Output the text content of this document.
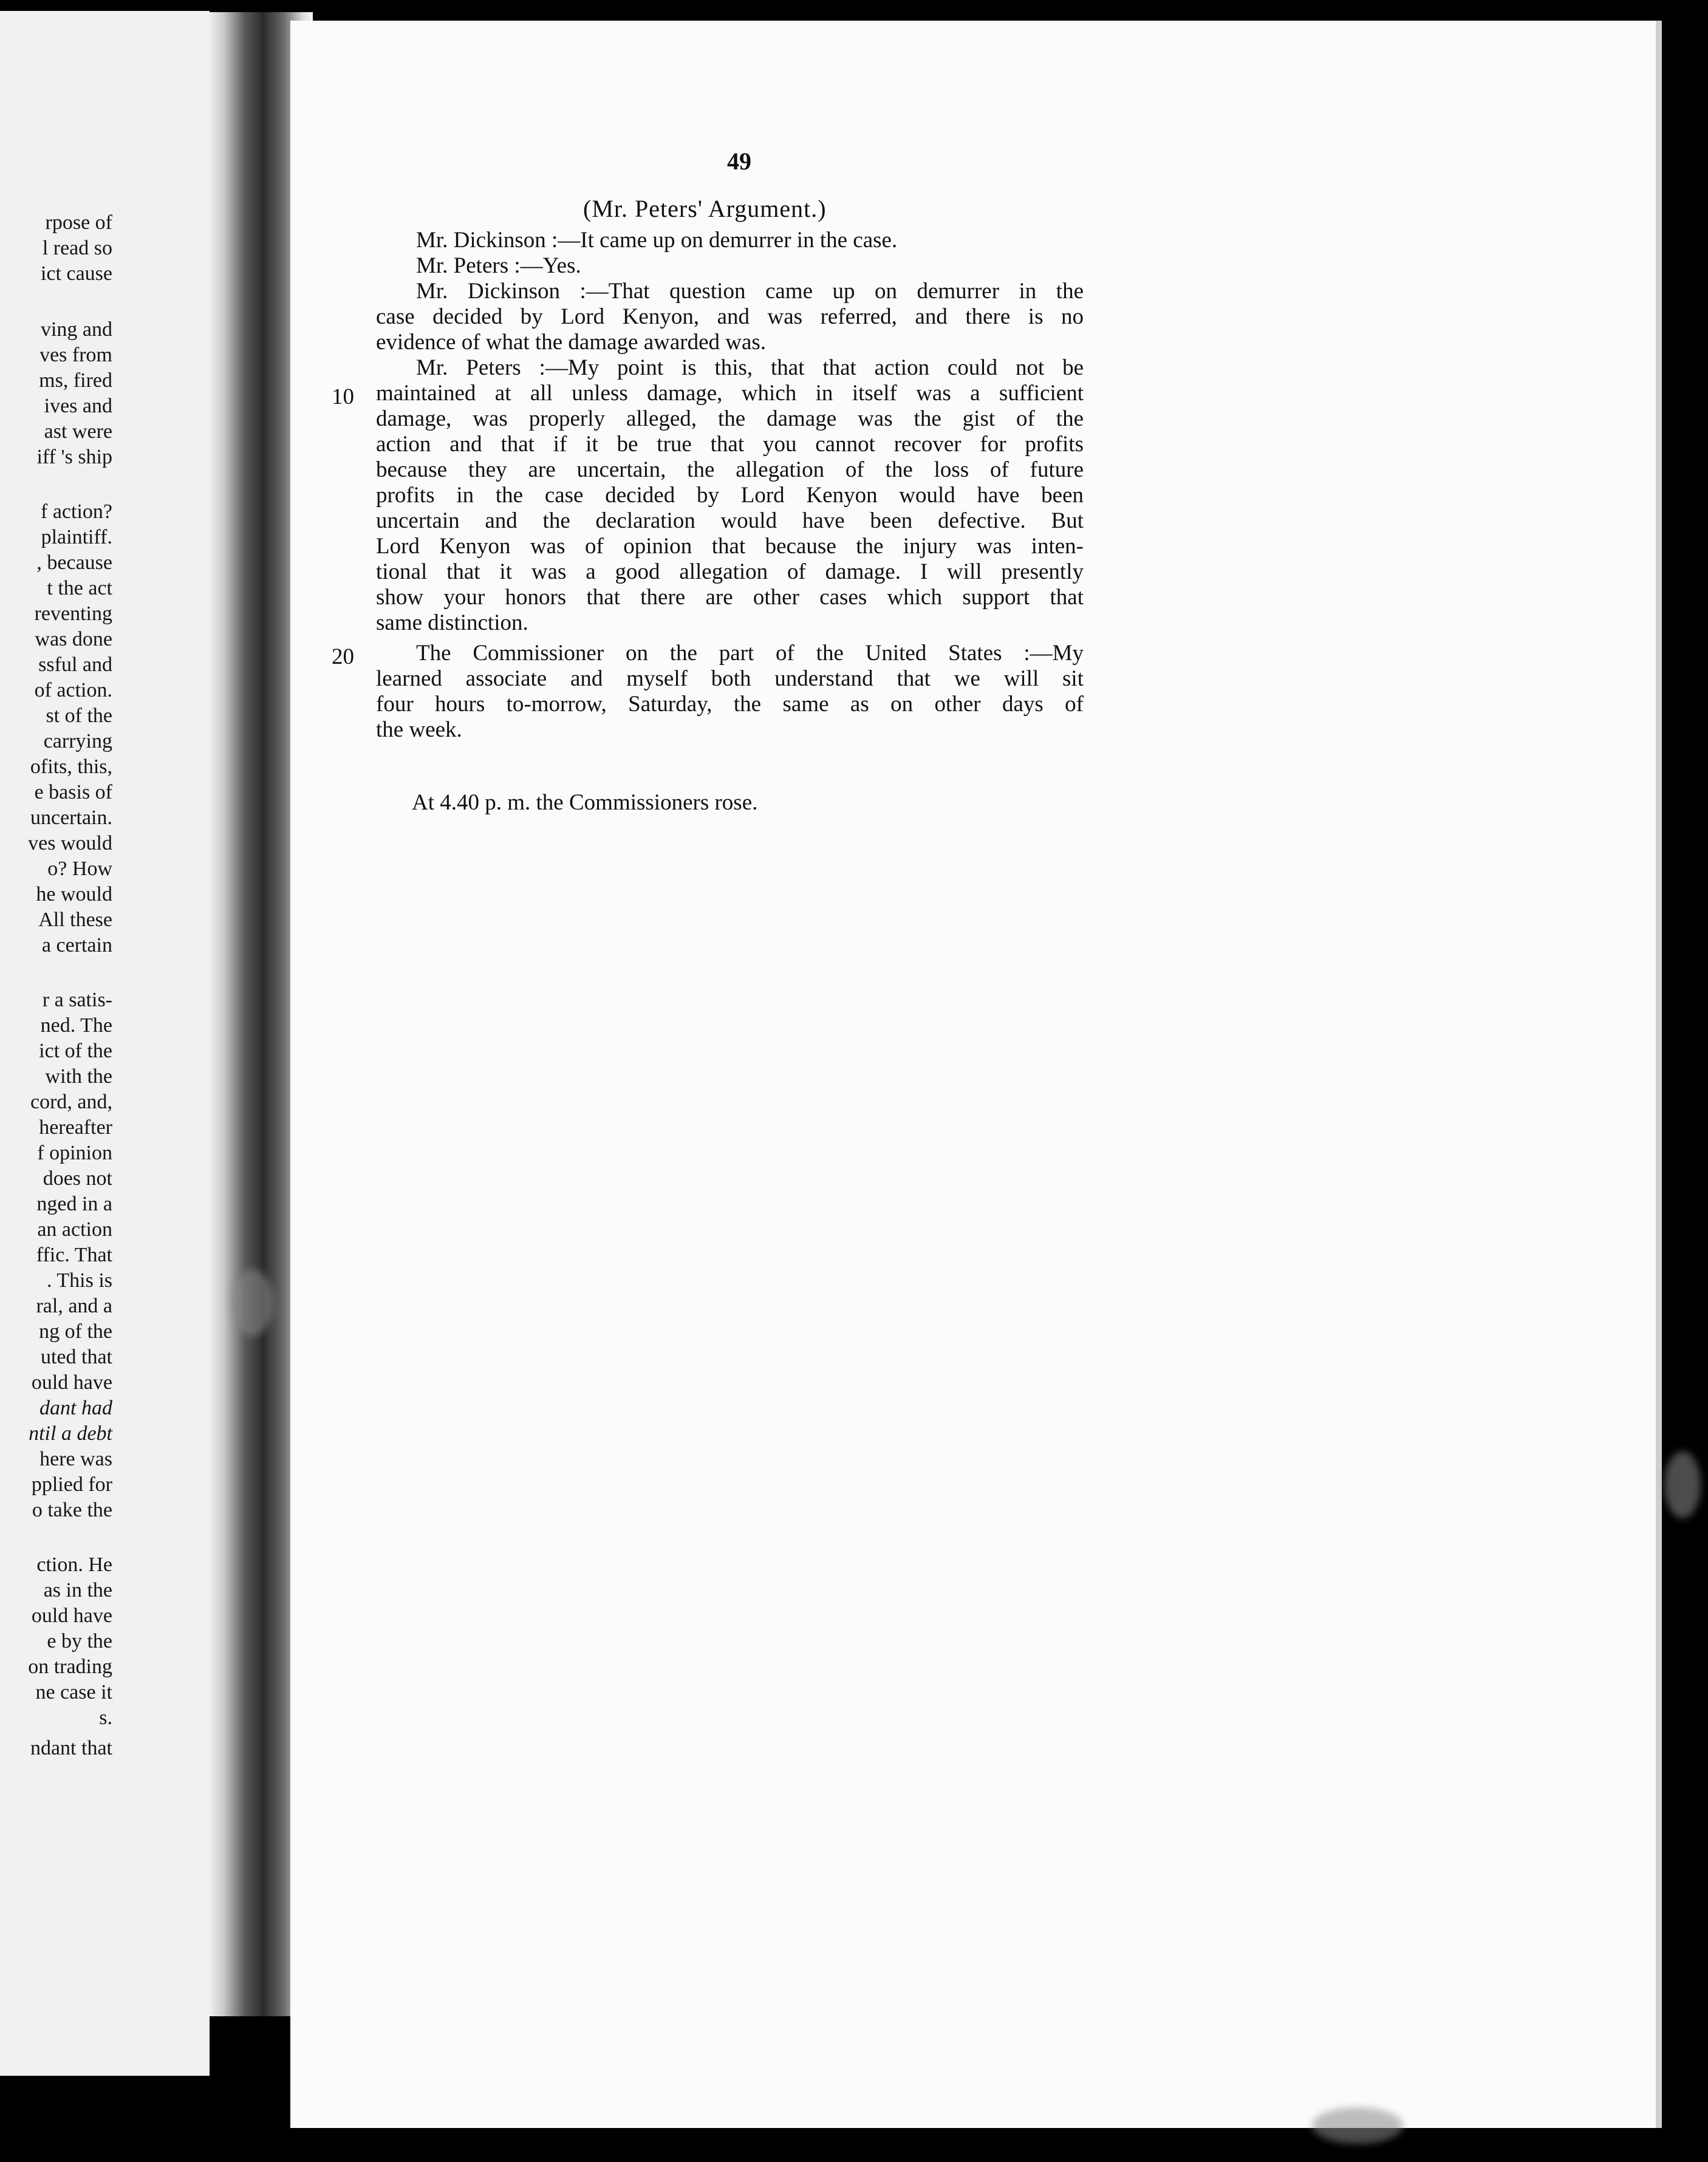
rpose of
l read so
ict cause
ving and
ves from
ms, fired
ives and
ast were
iff 's ship
f action?
plaintiff.
, because
t the act
reventing
was done
ssful and
of action.
st of the
carrying
ofits, this,
e basis of
uncertain.
ves would
o? How
he would
All these
a certain
r a satis-
ned. The
ict of the
with the
cord, and,
hereafter
f opinion
does not
nged in a
an action
ffic. That
. This is
ral, and a
ng of the
uted that
ould have
dant had
ntil a debt
here was
pplied for
o take the
ction. He
as in the
ould have
e by the
on trading
ne case it
s.
ndant that
49
(Mr. Peters' Argument.)
Mr. Dickinson :—It came up on demurrer in the case.
Mr. Peters :—Yes.
Mr. Dickinson :—That question came up on demurrer in the
case decided by Lord Kenyon, and was referred, and there is no
evidence of what the damage awarded was.
Mr. Peters :—My point is this, that that action could not be
maintained at all unless damage, which in itself was a sufficient
damage, was properly alleged, the damage was the gist of the
action and that if it be true that you cannot recover for profits
because they are uncertain, the allegation of the loss of future
profits in the case decided by Lord Kenyon would have been
uncertain and the declaration would have been defective. But
Lord Kenyon was of opinion that because the injury was inten-
tional that it was a good allegation of damage. I will presently
show your honors that there are other cases which support that
same distinction.
The Commissioner on the part of the United States :—My
learned associate and myself both understand that we will sit
four hours to-morrow, Saturday, the same as on other days of
the week.
10
20
At 4.40 p. m. the Commissioners rose.
